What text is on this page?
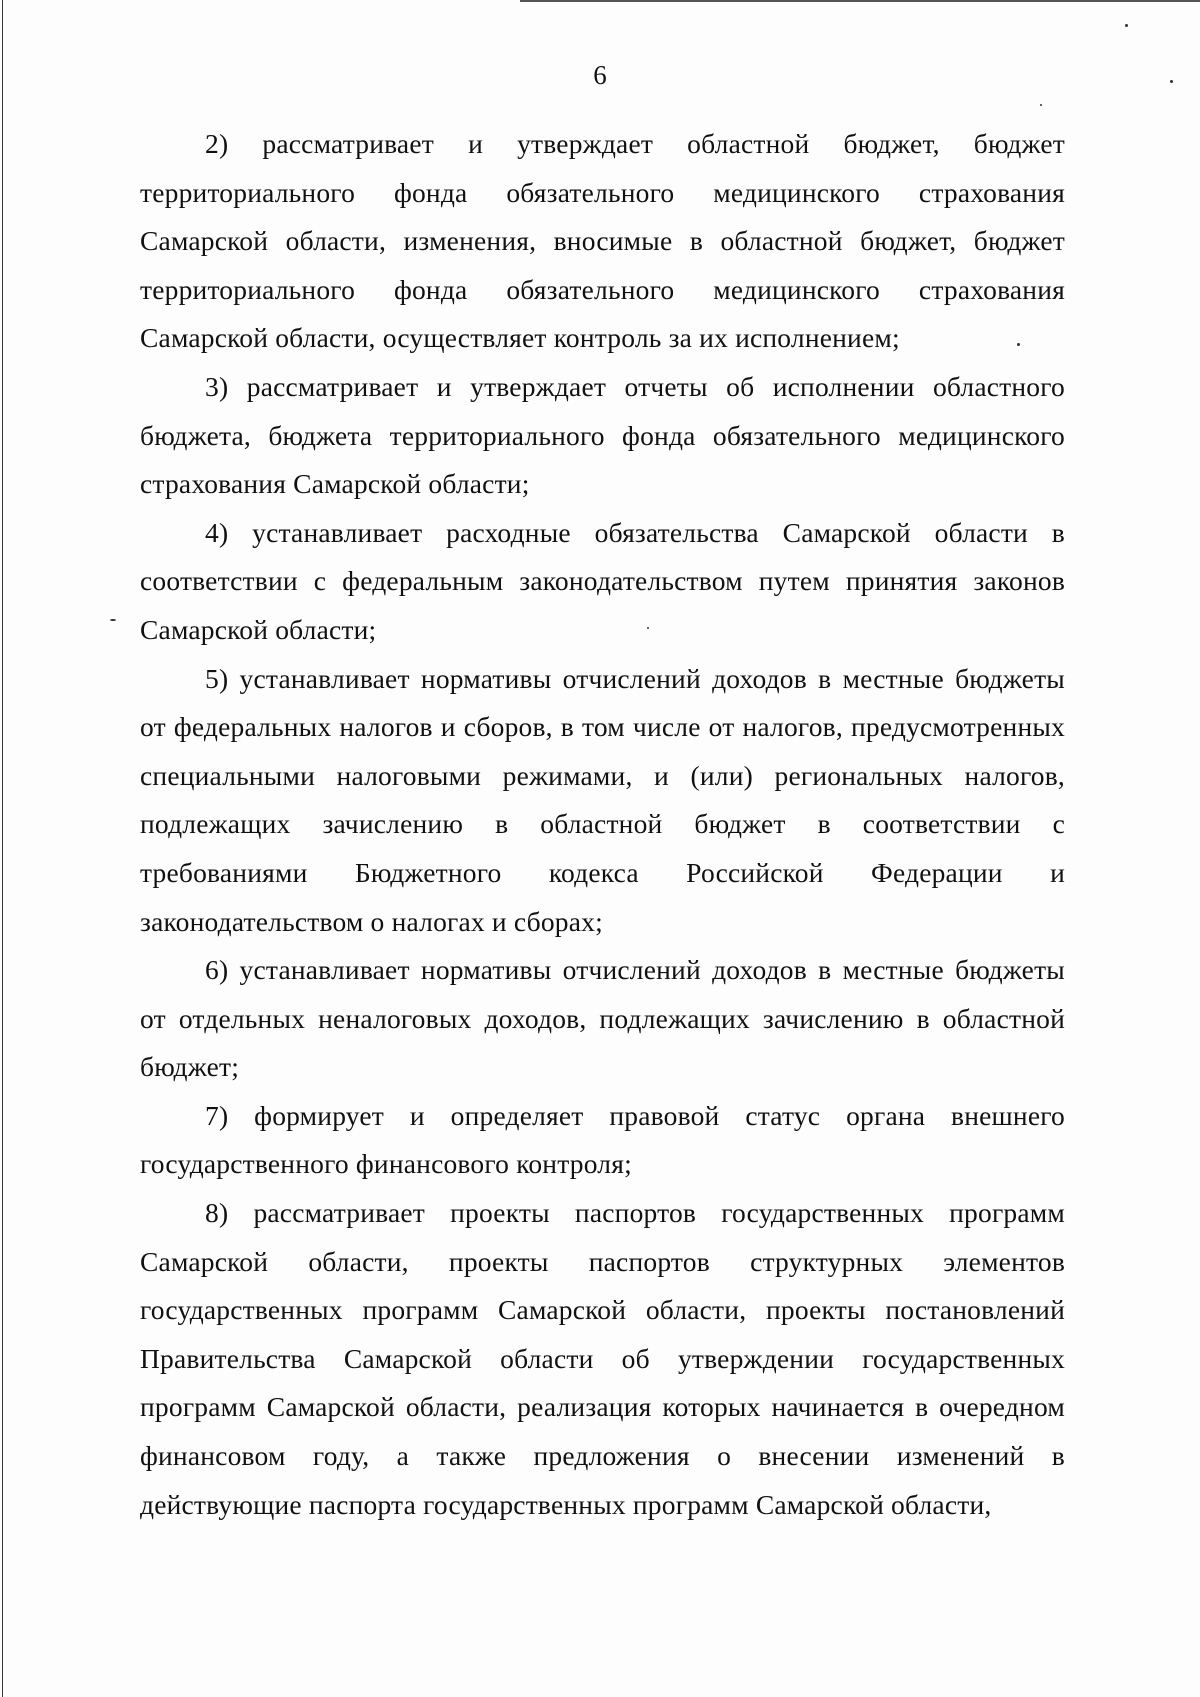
6

2) рассматривает и утверждает областной бюджет, бюджет территориального фонда обязательного медицинского страхования Самарской области, изменения, вносимые в областной бюджет, бюджет территориального фонда обязательного медицинского страхования Самарской области, осуществляет контроль за их исполнением;

3) рассматривает и утверждает отчеты об исполнении областного бюджета, бюджета территориального фонда обязательного медицинского страхования Самарской области;

4) устанавливает расходные обязательства Самарской области в соответствии с федеральным законодательством путем принятия законов Самарской области;

5) устанавливает нормативы отчислений доходов в местные бюджеты от федеральных налогов и сборов, в том числе от налогов, предусмотренных специальными налоговыми режимами, и (или) региональных налогов, подлежащих зачислению в областной бюджет в соответствии с требованиями Бюджетного кодекса Российской Федерации и законодательством о налогах и сборах;

6) устанавливает нормативы отчислений доходов в местные бюджеты от отдельных неналоговых доходов, подлежащих зачислению в областной бюджет;

7) формирует и определяет правовой статус органа внешнего государственного финансового контроля;

8) рассматривает проекты паспортов государственных программ Самарской области, проекты паспортов структурных элементов государственных программ Самарской области, проекты постановлений Правительства Самарской области об утверждении государственных программ Самарской области, реализация которых начинается в очередном финансовом году, а также предложения о внесении изменений в действующие паспорта государственных программ Самарской области,
